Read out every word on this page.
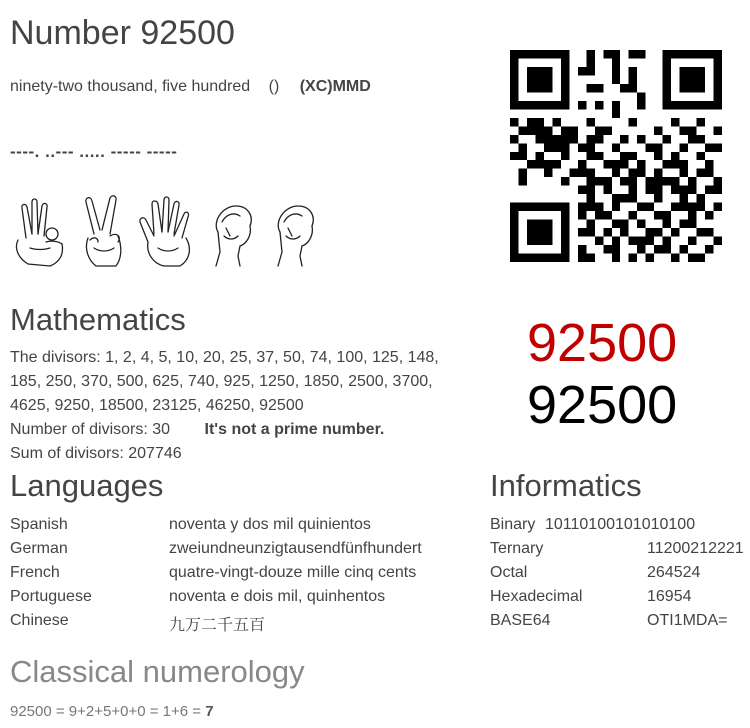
Number 92500
ninety-two thousand, five hundred () (XC)MMD
----. ..--- ..... ----- -----
Mathematics
The divisors: 1, 2, 4, 5, 10, 20, 25, 37, 50, 74, 100, 125, 148, 185, 250, 370, 500, 625, 740, 925, 1250, 1850, 2500, 3700, 4625, 9250, 18500, 23125, 46250, 92500
Number of divisors: 30 It's not a prime number.
Sum of divisors: 207746
92500
92500
Languages
Spanish	noventa y dos mil quinientos
German	zweiundneunzigtausendfünfhundert
French	quatre-vingt-douze mille cinq cents
Portuguese	noventa e dois mil, quinhentos
Chinese	九万二千五百
Informatics
Binary 10110100101010100
Ternary	11200212221
Octal	264524
Hexadecimal	16954
BASE64	OTI1MDA=
Classical numerology
92500 = 9+2+5+0+0 = 1+6 = 7
